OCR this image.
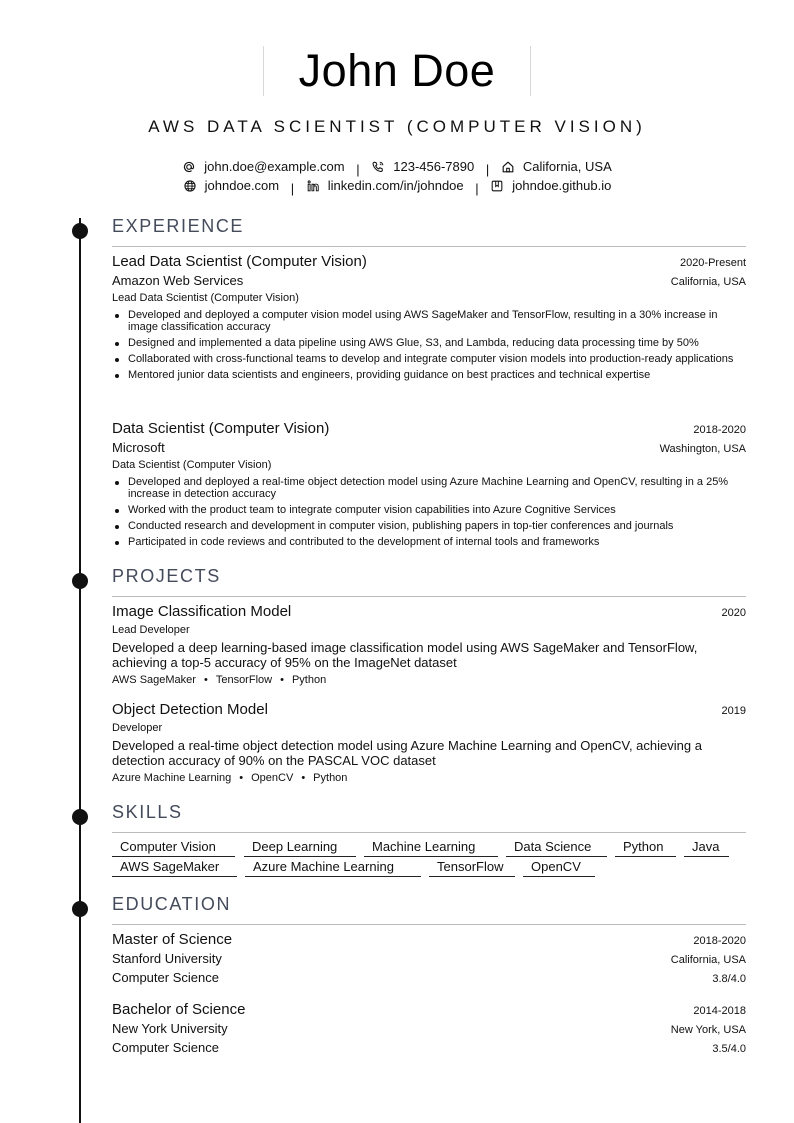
John Doe
AWS DATA SCIENTIST (COMPUTER VISION)
john.doe@example.com |	123-456-7890 |	California, USA
johndoe.com |	linkedin.com/in/johndoe |	johndoe.github.io
EXPERIENCE
Lead Data Scientist (Computer Vision)	2020-Present
Amazon Web Services	California, USA
Lead Data Scientist (Computer Vision)
Developed and deployed a computer vision model using AWS SageMaker and TensorFlow, resulting in a 30% increase in image classification accuracy
Designed and implemented a data pipeline using AWS Glue, S3, and Lambda, reducing data processing time by 50%
Collaborated with cross-functional teams to develop and integrate computer vision models into production-ready applications
Mentored junior data scientists and engineers, providing guidance on best practices and technical expertise
Data Scientist (Computer Vision)	2018-2020
Microsoft	Washington, USA
Data Scientist (Computer Vision)
Developed and deployed a real-time object detection model using Azure Machine Learning and OpenCV, resulting in a 25% increase in detection accuracy
Worked with the product team to integrate computer vision capabilities into Azure Cognitive Services
Conducted research and development in computer vision, publishing papers in top-tier conferences and journals
Participated in code reviews and contributed to the development of internal tools and frameworks
PROJECTS
Image Classification Model	2020
Lead Developer
Developed a deep learning-based image classification model using AWS SageMaker and TensorFlow, achieving a top-5 accuracy of 95% on the ImageNet dataset
AWS SageMaker • TensorFlow • Python
Object Detection Model	2019
Developer
Developed a real-time object detection model using Azure Machine Learning and OpenCV, achieving a detection accuracy of 90% on the PASCAL VOC dataset
Azure Machine Learning • OpenCV • Python
SKILLS
Computer Vision	Deep Learning	Machine Learning	Data Science	Python	Java
AWS SageMaker	Azure Machine Learning	TensorFlow	OpenCV
EDUCATION
Master of Science	2018-2020
Stanford University	California, USA
Computer Science	3.8/4.0
Bachelor of Science	2014-2018
New York University	New York, USA
Computer Science	3.5/4.0
